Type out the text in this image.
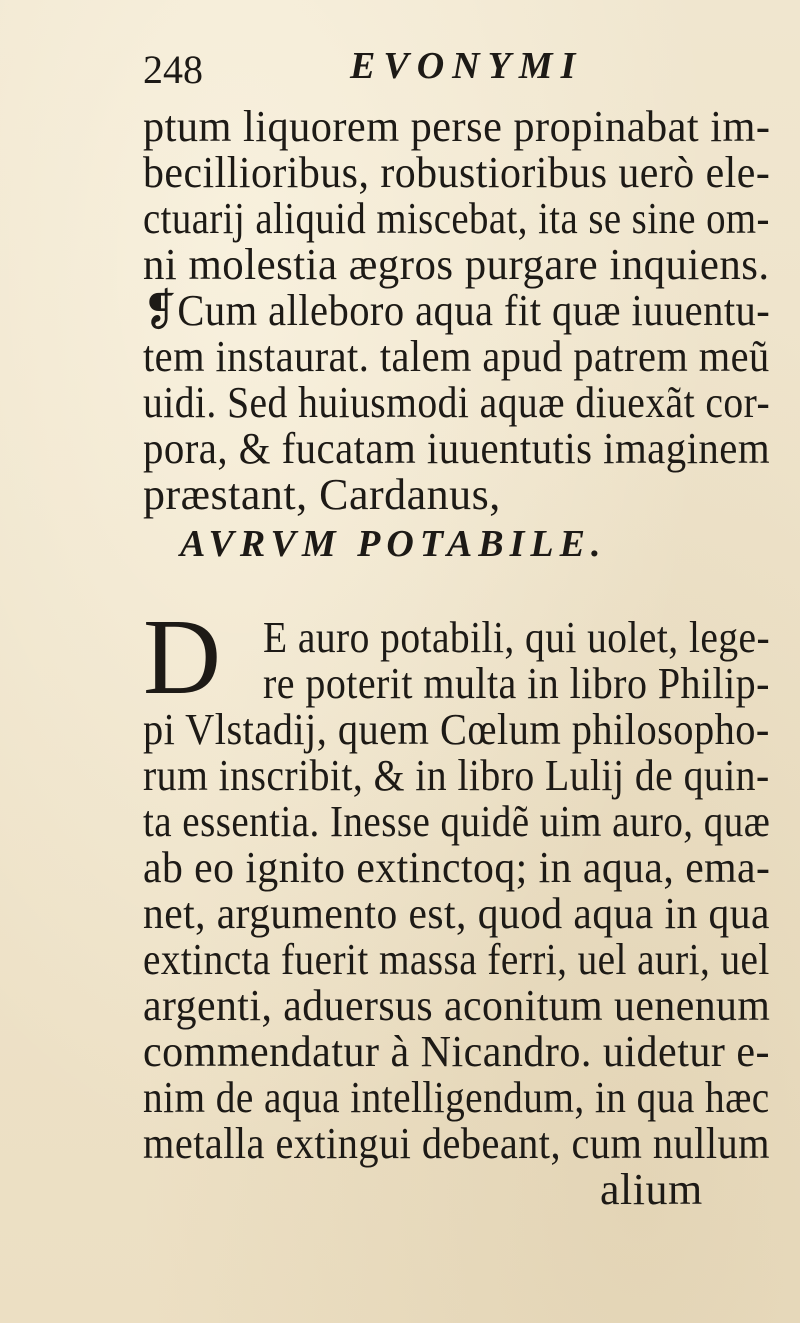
248	EVONYMI
ptum liquorem perse propinabat im-
becillioribus, robustioribus uerò ele-
ctuarij aliquid miscebat, ita se sine om-
ni molestia ægros purgare inquiens.
❡Cum alleboro aqua fit quæ iuuentu-
tem instaurat. talem apud patrem meũ
uidi. Sed huiusmodi aquæ diuexãt cor-
pora, & fucatam iuuentutis imaginem
præstant, Cardanus,
AVRVM POTABILE.
D E auro potabili, qui uolet, lege-
re poterit multa in libro Philip-
pi Vlstadij, quem Cœlum philosopho-
rum inscribit, & in libro Lulij de quin-
ta essentia. Inesse quidẽ uim auro, quæ
ab eo ignito extinctoq; in aqua, ema-
net, argumento est, quod aqua in qua
extincta fuerit massa ferri, uel auri, uel
argenti, aduersus aconitum uenenum
commendatur à Nicandro. uidetur e-
nim de aqua intelligendum, in qua hæc
metalla extingui debeant, cum nullum
alium
